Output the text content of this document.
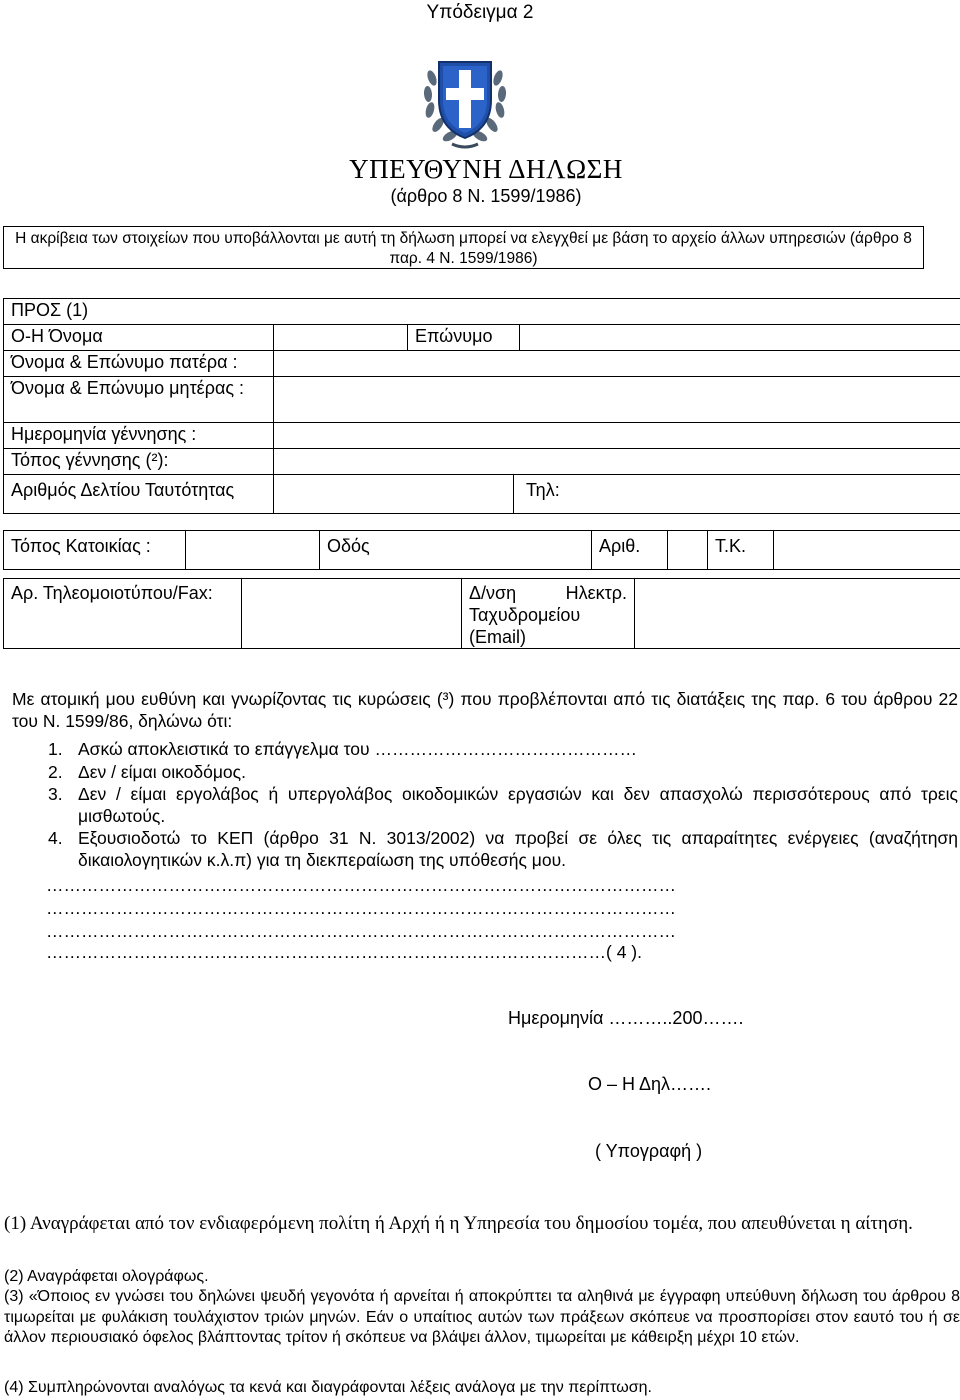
Υπόδειγμα 2
ΥΠΕΥΘΥΝΗ ΔΗΛΩΣΗ
(άρθρο 8 Ν. 1599/1986)
Η ακρίβεια των στοιχείων που υποβάλλονται με αυτή τη δήλωση μπορεί να ελεγχθεί με βάση το αρχείο άλλων υπηρεσιών (άρθρο 8 παρ. 4 Ν. 1599/1986)
ΠΡΟΣ (1)				
Ο-Η Όνομα		Επώνυμο		
Όνομα & Επώνυμο πατέρα :				
Όνομα & Επώνυμο μητέρας :				
Ημερομηνία γέννησης :				
Τόπος γέννησης (²):				
Αριθμός Δελτίου Ταυτότητας			Τηλ:	
Τόπος Κατοικίας :		Οδός	Αριθ.		Τ.Κ.	
Αρ. Τηλεομοιοτύπου/Fax:		Δ/νση Ηλεκτρ.
Ταχυδρομείου
(Email)

Με ατομική μου ευθύνη και γνωρίζοντας τις κυρώσεις (³) που προβλέπονται από τις διατάξεις της παρ. 6 του άρθρου 22 του Ν. 1599/86, δηλώνω ότι:
1. Ασκώ αποκλειστικά το επάγγελμα του ………………………………………
2. Δεν / είμαι οικοδόμος.
3. Δεν / είμαι εργολάβος ή υπεργολάβος οικοδομικών εργασιών και δεν απασχολώ περισσότερους από τρεις μισθωτούς.
4. Εξουσιοδοτώ το ΚΕΠ (άρθρο 31 Ν. 3013/2002) να προβεί σε όλες τις απαραίτητες ενέργειες (αναζήτηση δικαιολογητικών κ.λ.π) για τη διεκπεραίωση της υπόθεσής μου.
………………………………………………………………………………………………
………………………………………………………………………………………………
………………………………………………………………………………………………
……………………………………………………………………………………( 4 ).
Ημερομηνία ………..200…….
Ο – Η Δηλ…….
( Υπογραφή )
(1) Αναγράφεται από τον ενδιαφερόμενη πολίτη ή Αρχή ή η Υπηρεσία του δημοσίου τομέα, που απευθύνεται η αίτηση.
(2) Αναγράφεται ολογράφως.
(3) «Όποιος εν γνώσει του δηλώνει ψευδή γεγονότα ή αρνείται ή αποκρύπτει τα αληθινά με έγγραφη υπεύθυνη δήλωση του άρθρου 8 τιμωρείται με φυλάκιση τουλάχιστον τριών μηνών. Εάν ο υπαίτιος αυτών των πράξεων σκόπευε να προσπορίσει στον εαυτό του ή σε άλλον περιουσιακό όφελος βλάπτοντας τρίτον ή σκόπευε να βλάψει άλλον, τιμωρείται με κάθειρξη μέχρι 10 ετών.
(4) Συμπληρώνονται αναλόγως τα κενά και διαγράφονται λέξεις ανάλογα με την περίπτωση.
